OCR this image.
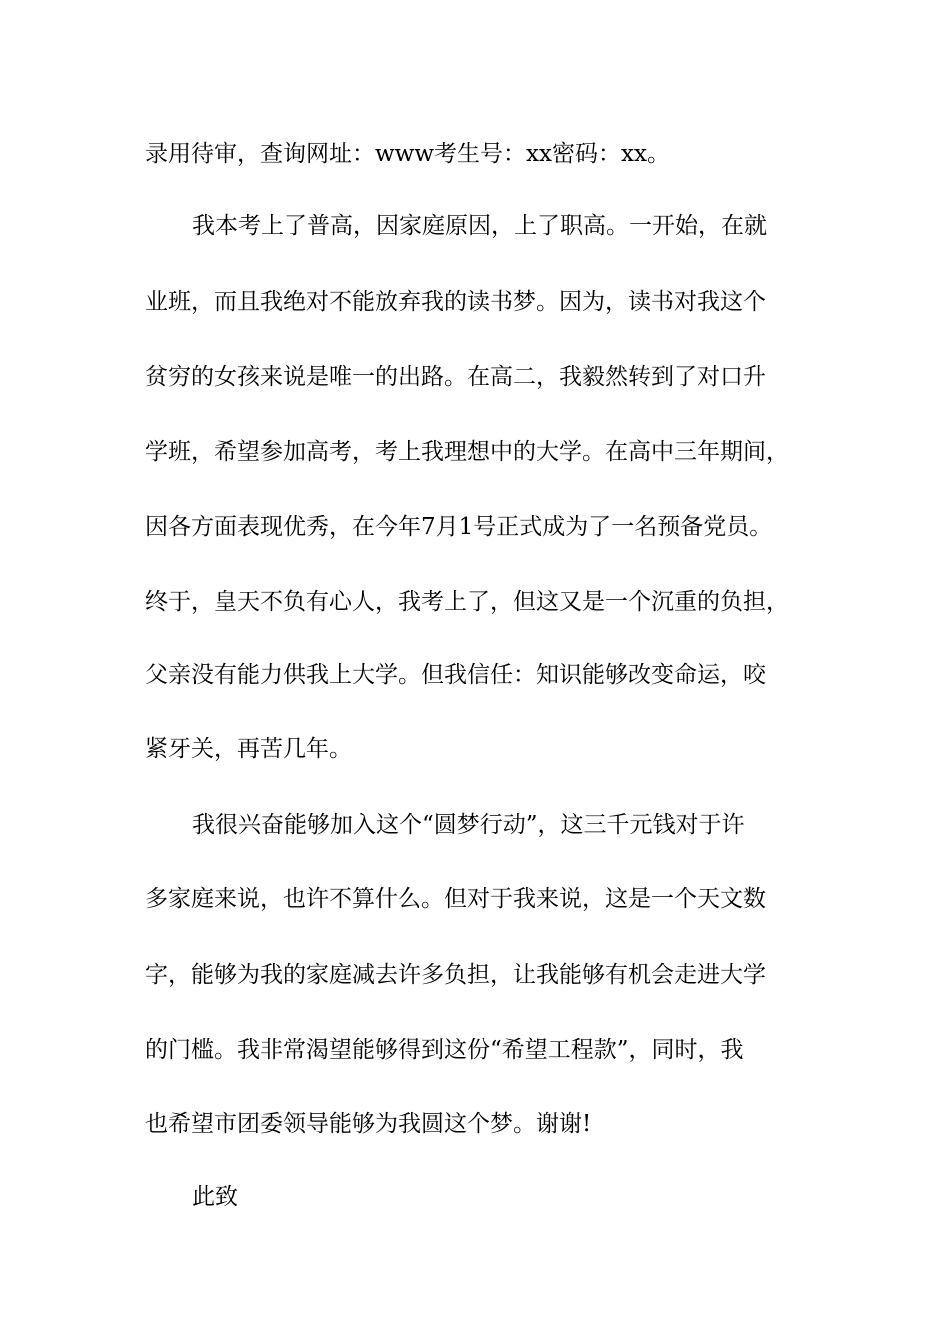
录用待审，查询网址：www考生号：xx密码：xx。
我本考上了普高，因家庭原因，上了职高。一开始，在就
业班，而且我绝对不能放弃我的读书梦。因为，读书对我这个
贫穷的女孩来说是唯一的出路。在高二，我毅然转到了对口升
学班，希望参加高考，考上我理想中的大学。在高中三年期间，
因各方面表现优秀，在今年7月1号正式成为了一名预备党员。
终于，皇天不负有心人，我考上了，但这又是一个沉重的负担，
父亲没有能力供我上大学。但我信任：知识能够改变命运，咬
紧牙关，再苦几年。
我很兴奋能够加入这个“圆梦行动”，这三千元钱对于许
多家庭来说，也许不算什么。但对于我来说，这是一个天文数
字，能够为我的家庭减去许多负担，让我能够有机会走进大学
的门槛。我非常渴望能够得到这份“希望工程款”，同时，我
也希望市团委领导能够为我圆这个梦。谢谢!
此致
